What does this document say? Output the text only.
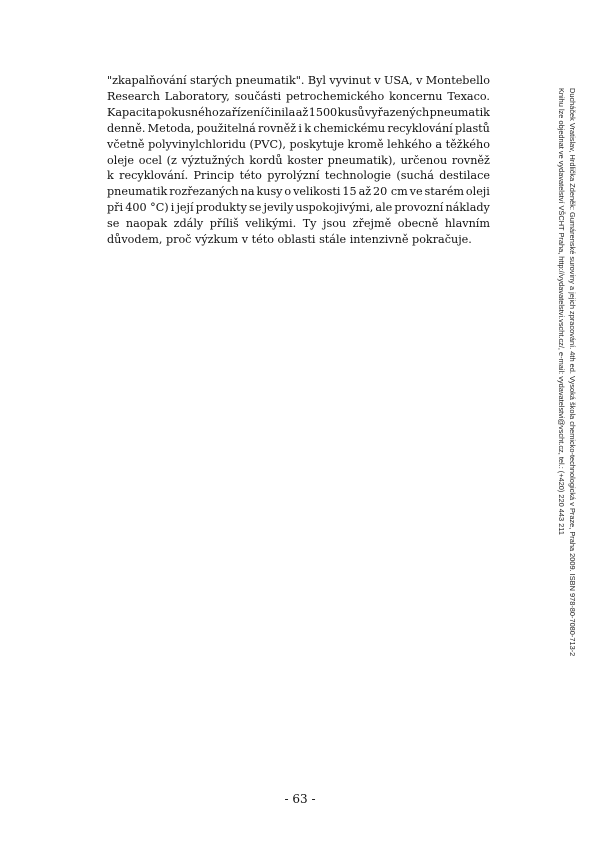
"zkapalňování starých pneumatik". Byl vyvinut v USA, v Montebello
Research Laboratory, součásti petrochemického koncernu Texaco.
Kapacita pokusného zařízení činila až 1500 kusů vyřazených pneumatik
denně. Metoda, použitelná rovněž i k chemickému recyklování plastů
včetně polyvinylchloridu (PVC), poskytuje kromě lehkého a těžkého
oleje ocel (z výztužných kordů koster pneumatik), určenou rovněž
k recyklování. Princip této pyrolýzní technologie (suchá destilace
pneumatik rozřezaných na kusy o velikosti 15 až 20 cm ve starém oleji
při 400 °C) i její produkty se jevily uspokojivými, ale provozní náklady
se naopak zdály příliš velikými. Ty jsou zřejmě obecně hlavním
důvodem,
proč
výzkum
v
této
oblasti
stále
intenzivně
pokračuje.	Ducháček Vratislav, Hrdlička Zdeněk: Gumárenské suroviny a jejich zpracování. 4th ed. Vysoká škola chemicko-technologická v Praze, Praha 2009. ISBN 978-80-7080-713-2
Knihu lze objednat ve vydavatelství VŠCHT Praha, http://vydavatelstvi.vscht.cz/, e-mail: vydavatelstvi@vscht.cz, tel.: (+420) 220 443 211
- 63 -
